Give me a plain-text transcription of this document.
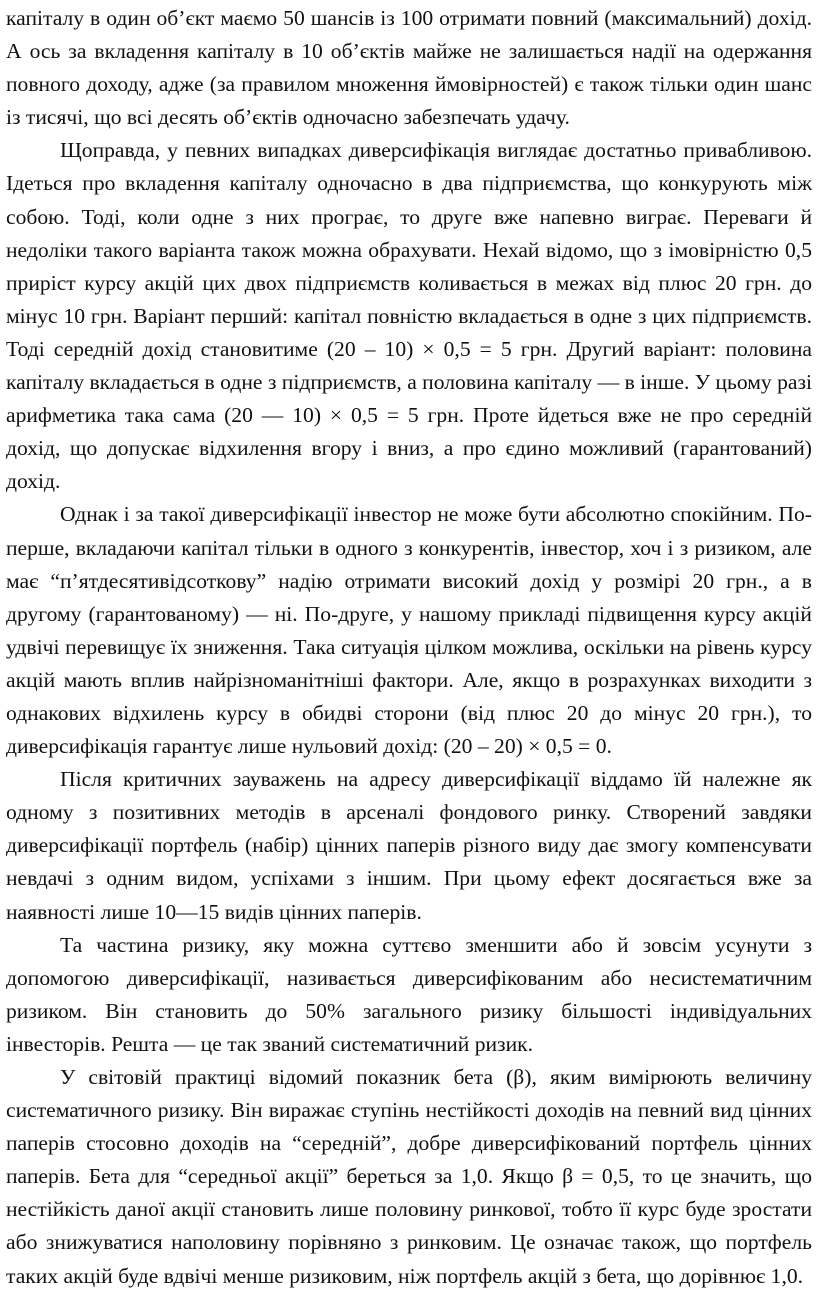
капіталу в один об’єкт маємо 50 шансів із 100 отримати повний (максимальний) дохід. А ось за вкладення капіталу в 10 об’єктів майже не залишається надії на одержання повного доходу, адже (за правилом множення ймовірностей) є також тільки один шанс із тисячі, що всі десять об’єктів одночасно забезпечать удачу.

Щоправда, у певних випадках диверсифікація виглядає достатньо привабливою. Ідеться про вкладення капіталу одночасно в два підприємства, що конкурують між собою. Тоді, коли одне з них програє, то друге вже напевно виграє. Переваги й недоліки такого варіанта також можна обрахувати. Нехай відомо, що з імовірністю 0,5 приріст курсу акцій цих двох підприємств коливається в межах від плюс 20 грн. до мінус 10 грн. Варіант перший: капітал повністю вкладається в одне з цих підприємств. Тоді середній дохід становитиме (20 – 10) × 0,5 = 5 грн. Другий варіант: половина капіталу вкладається в одне з підприємств, а половина капіталу — в інше. У цьому разі арифметика така сама (20 — 10) × 0,5 = 5 грн. Проте йдеться вже не про середній дохід, що допускає відхилення вгору і вниз, а про єдино можливий (гарантований) дохід.

Однак і за такої диверсифікації інвестор не може бути абсолютно спокійним. По-перше, вкладаючи капітал тільки в одного з конкурентів, інвестор, хоч і з ризиком, але має “п’ятдесятивідсоткову” надію отримати високий дохід у розмірі 20 грн., а в другому (гарантованому) — ні. По-друге, у нашому прикладі підвищення курсу акцій удвічі перевищує їх зниження. Така ситуація цілком можлива, оскільки на рівень курсу акцій мають вплив найрізноманітніші фактори. Але, якщо в розрахунках виходити з однакових відхилень курсу в обидві сторони (від плюс 20 до мінус 20 грн.), то диверсифікація гарантує лише нульовий дохід: (20 – 20) × 0,5 = 0.

Після критичних зауважень на адресу диверсифікації віддамо їй належне як одному з позитивних методів в арсеналі фондового ринку. Створений завдяки диверсифікації портфель (набір) цінних паперів різного виду дає змогу компенсувати невдачі з одним видом, успіхами з іншим. При цьому ефект досягається вже за наявності лише 10—15 видів цінних паперів.

Та частина ризику, яку можна суттєво зменшити або й зовсім усунути з допомогою диверсифікації, називається диверсифікованим або несистематичним ризиком. Він становить до 50% загального ризику більшості індивідуальних інвесторів. Решта — це так званий систематичний ризик.

У світовій практиці відомий показник бета (β), яким вимірюють величину систематичного ризику. Він виражає ступінь нестійкості доходів на певний вид цінних паперів стосовно доходів на “середній”, добре диверсифікований портфель цінних паперів. Бета для “середньої акції” береться за 1,0. Якщо β = 0,5, то це значить, що нестійкість даної акції становить лише половину ринкової, тобто її курс буде зростати або знижуватися наполовину порівняно з ринковим. Це означає також, що портфель таких акцій буде вдвічі менше ризиковим, ніж портфель акцій з бета, що дорівнює 1,0.
